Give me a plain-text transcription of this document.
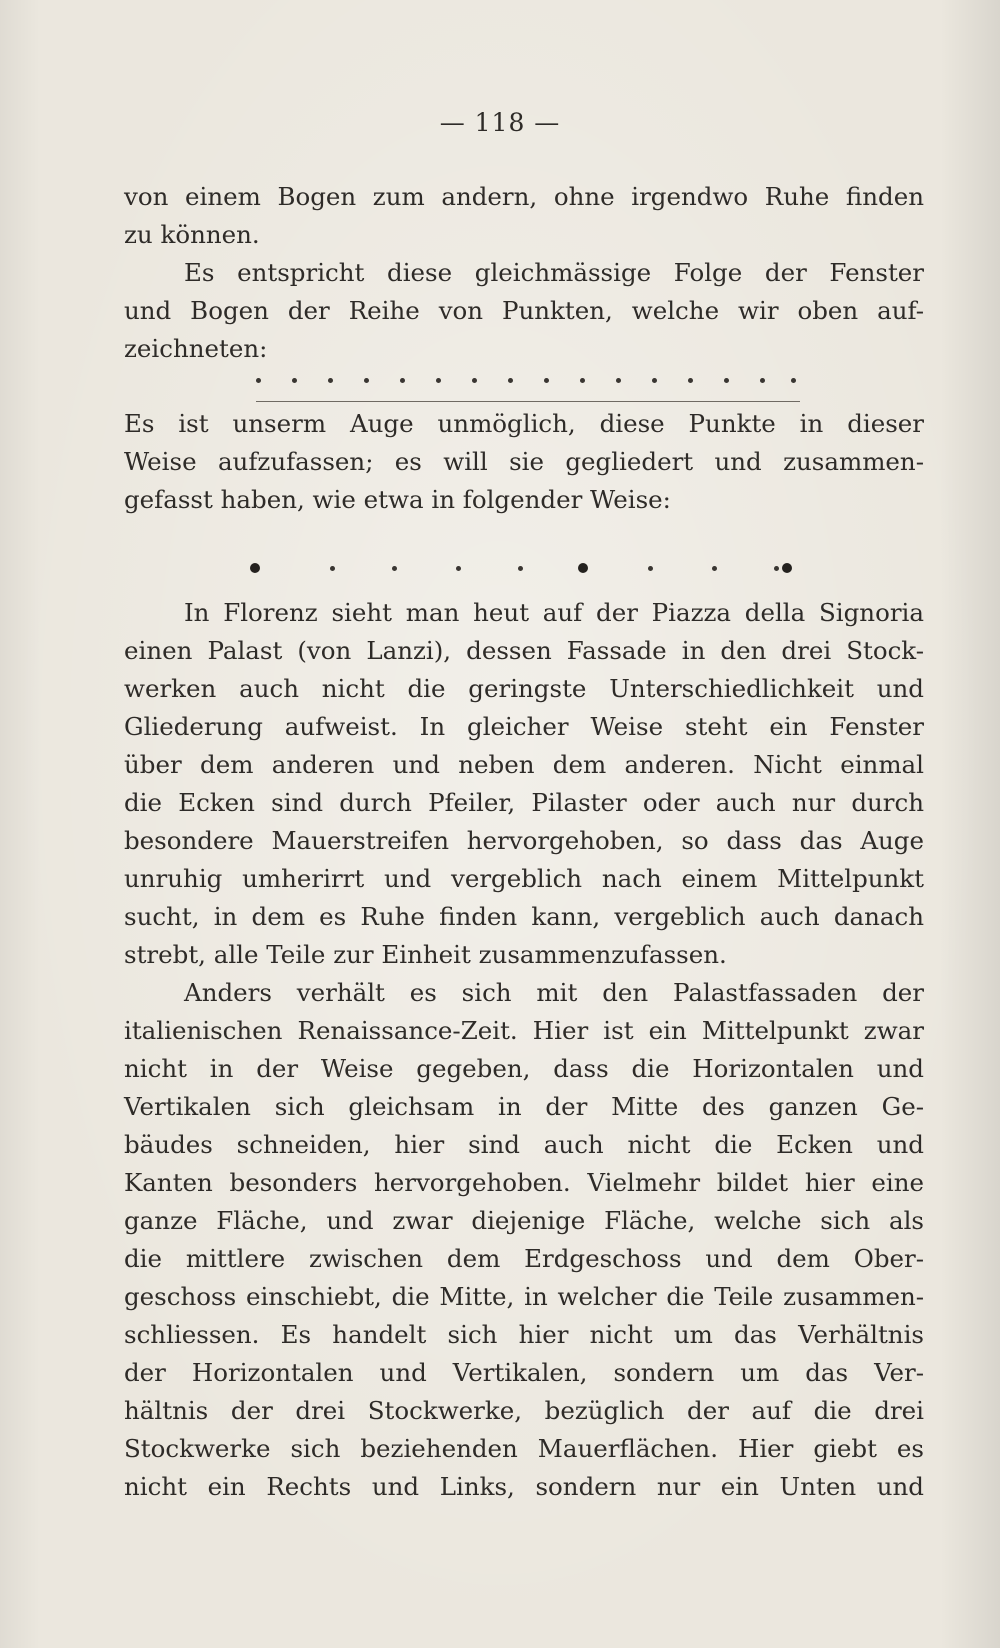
— 118 —
von einem Bogen zum andern, ohne irgendwo Ruhe finden
zu können.
Es entspricht diese gleichmässige Folge der Fenster
und Bogen der Reihe von Punkten, welche wir oben auf-
zeichneten:
Es ist unserm Auge unmöglich, diese Punkte in dieser
Weise aufzufassen; es will sie gegliedert und zusammen-
gefasst haben, wie etwa in folgender Weise:
In Florenz sieht man heut auf der Piazza della Signoria
einen Palast (von Lanzi), dessen Fassade in den drei Stock-
werken auch nicht die geringste Unterschiedlichkeit und
Gliederung aufweist. In gleicher Weise steht ein Fenster
über dem anderen und neben dem anderen. Nicht einmal
die Ecken sind durch Pfeiler, Pilaster oder auch nur durch
besondere Mauerstreifen hervorgehoben, so dass das Auge
unruhig umherirrt und vergeblich nach einem Mittelpunkt
sucht, in dem es Ruhe finden kann, vergeblich auch danach
strebt, alle Teile zur Einheit zusammenzufassen.
Anders verhält es sich mit den Palastfassaden der
italienischen Renaissance-Zeit. Hier ist ein Mittelpunkt zwar
nicht in der Weise gegeben, dass die Horizontalen und
Vertikalen sich gleichsam in der Mitte des ganzen Ge-
bäudes schneiden, hier sind auch nicht die Ecken und
Kanten besonders hervorgehoben. Vielmehr bildet hier eine
ganze Fläche, und zwar diejenige Fläche, welche sich als
die mittlere zwischen dem Erdgeschoss und dem Ober-
geschoss einschiebt, die Mitte, in welcher die Teile zusammen-
schliessen. Es handelt sich hier nicht um das Verhältnis
der Horizontalen und Vertikalen, sondern um das Ver-
hältnis der drei Stockwerke, bezüglich der auf die drei
Stockwerke sich beziehenden Mauerflächen. Hier giebt es
nicht ein Rechts und Links, sondern nur ein Unten und
